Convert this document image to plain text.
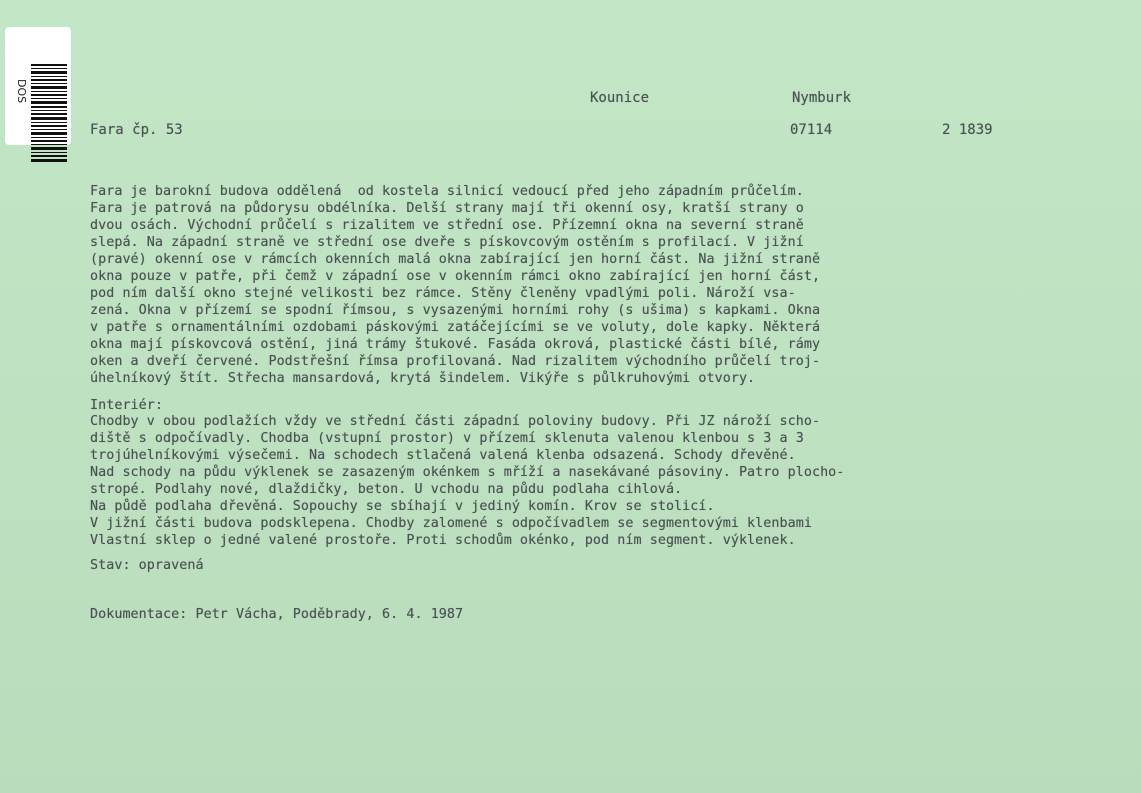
DOS	Kounice	Nymburk
Fara čp. 53	07114	2 1839
Fara je barokní budova oddělená  od kostela silnicí vedoucí před jeho západním průčelím.
Fara je patrová na půdorysu obdélníka. Delší strany mají tři okenní osy, kratší strany o
dvou osách. Východní průčelí s rizalitem ve střední ose. Přízemní okna na severní straně
slepá. Na západní straně ve střední ose dveře s pískovcovým ostěním s profilací. V jižní
(pravé) okenní ose v rámcích okenních malá okna zabírající jen horní část. Na jižní straně
okna pouze v patře, při čemž v západní ose v okenním rámci okno zabírající jen horní část,
pod ním další okno stejné velikosti bez rámce. Stěny členěny vpadlými poli. Nároží vsa-
zená. Okna v přízemí se spodní římsou, s vysazenými horními rohy (s ušima) s kapkami. Okna
v patře s ornamentálními ozdobami páskovými zatáčejícími se ve voluty, dole kapky. Některá
okna mají pískovcová ostění, jiná trámy štukové. Fasáda okrová, plastické části bílé, rámy
oken a dveří červené. Podstřešní římsa profilovaná. Nad rizalitem východního průčelí troj-
úhelníkový štít. Střecha mansardová, krytá šindelem. Vikýře s půlkruhovými otvory.
Interiér:
Chodby v obou podlažích vždy ve střední části západní poloviny budovy. Při JZ nároží scho-
diště s odpočívadly. Chodba (vstupní prostor) v přízemí sklenuta valenou klenbou s 3 a 3
trojúhelníkovými výsečemi. Na schodech stlačená valená klenba odsazená. Schody dřevěné.
Nad schody na půdu výklenek se zasazeným okénkem s mříží a nasekávané pásoviny. Patro plocho-
stropé. Podlahy nové, dlaždičky, beton. U vchodu na půdu podlaha cihlová.
Na půdě podlaha dřevěná. Sopouchy se sbíhají v jediný komín. Krov se stolicí.
V jižní části budova podsklepena. Chodby zalomené s odpočívadlem se segmentovými klenbami
Vlastní sklep o jedné valené prostoře. Proti schodům okénko, pod ním segment. výklenek.
Stav: opravená
Dokumentace: Petr Vácha, Poděbrady, 6. 4. 1987
